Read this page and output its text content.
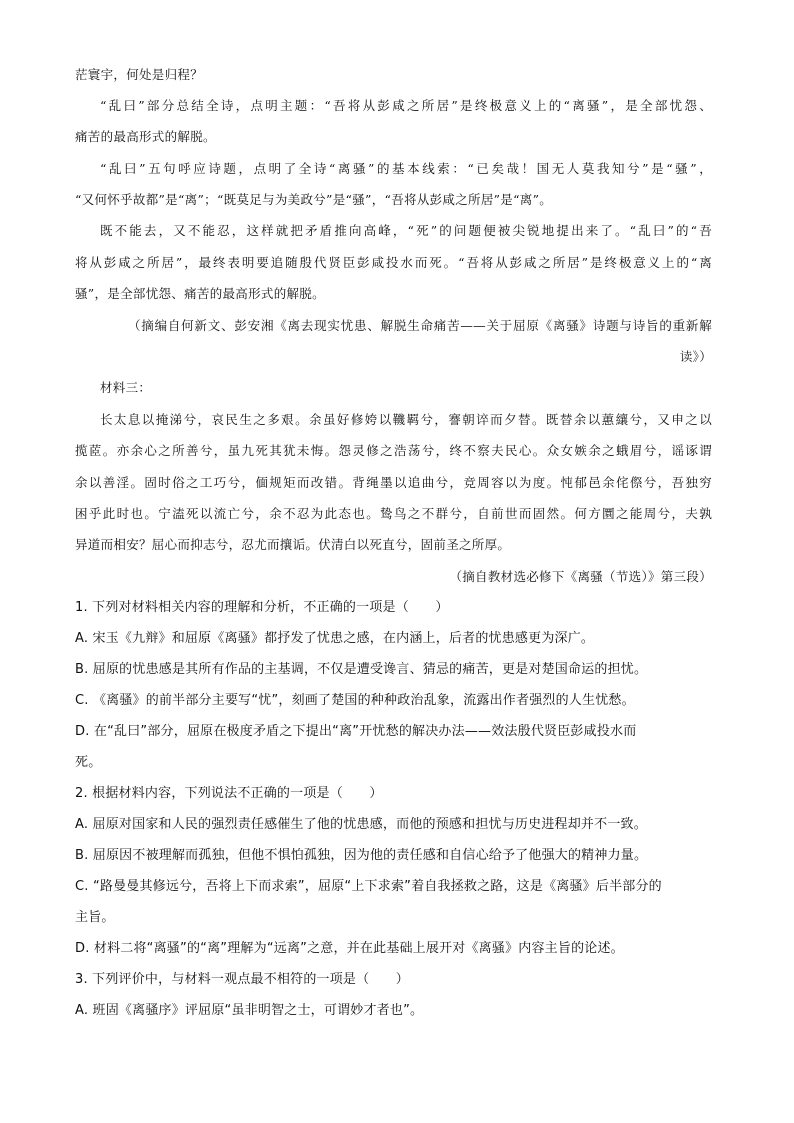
茫寰宇，何处是归程？
“乱曰”部分总结全诗，点明主题：“吾将从彭咸之所居”是终极意义上的“离骚”，是全部忧怨、
痛苦的最高形式的解脱。
“乱曰”五句呼应诗题，点明了全诗“离骚”的基本线索：“已矣哉！国无人莫我知兮”是“骚”，
“又何怀乎故都”是“离”；“既莫足与为美政兮”是“骚”，“吾将从彭咸之所居”是“离”。
既不能去，又不能忍，这样就把矛盾推向高峰，“死”的问题便被尖锐地提出来了。“乱曰”的“吾
将从彭咸之所居”，最终表明要追随殷代贤臣彭咸投水而死。“吾将从彭咸之所居”是终极意义上的“离
骚”，是全部忧怨、痛苦的最高形式的解脱。
（摘编自何新文、彭安湘《离去现实忧患、解脱生命痛苦——关于屈原《离骚》诗题与诗旨的重新解
读》）
材料三：
长太息以掩涕兮，哀民生之多艰。余虽好修姱以鞿羁兮，謇朝谇而夕替。既替余以蕙纕兮，又申之以
揽茝。亦余心之所善兮，虽九死其犹未悔。怨灵修之浩荡兮，终不察夫民心。众女嫉余之蛾眉兮，谣诼谓
余以善淫。固时俗之工巧兮，偭规矩而改错。背绳墨以追曲兮，竞周容以为度。忳郁邑余侘傺兮，吾独穷
困乎此时也。宁溘死以流亡兮，余不忍为此态也。鸷鸟之不群兮，自前世而固然。何方圜之能周兮，夫孰
异道而相安？屈心而抑志兮，忍尤而攘诟。伏清白以死直兮，固前圣之所厚。
（摘自教材选必修下《离骚（节选）》第三段）
1. 下列对材料相关内容的理解和分析，不正确的一项是（　　）
A. 宋玉《九辩》和屈原《离骚》都抒发了忧患之感，在内涵上，后者的忧患感更为深广。
B. 屈原的忧患感是其所有作品的主基调，不仅是遭受谗言、猜忌的痛苦，更是对楚国命运的担忧。
C. 《离骚》的前半部分主要写“忧”，刻画了楚国的种种政治乱象，流露出作者强烈的人生忧愁。
D. 在“乱曰”部分，屈原在极度矛盾之下提出“离”开忧愁的解决办法——效法殷代贤臣彭咸投水而
死。
2. 根据材料内容，下列说法不正确的一项是（　　）
A. 屈原对国家和人民的强烈责任感催生了他的忧患感，而他的预感和担忧与历史进程却并不一致。
B. 屈原因不被理解而孤独，但他不惧怕孤独，因为他的责任感和自信心给予了他强大的精神力量。
C. “路曼曼其修远兮，吾将上下而求索”，屈原“上下求索”着自我拯救之路，这是《离骚》后半部分的
主旨。
D. 材料二将“离骚”的“离”理解为“远离”之意，并在此基础上展开对《离骚》内容主旨的论述。
3. 下列评价中，与材料一观点最不相符的一项是（　　）
A. 班固《离骚序》评屈原“虽非明智之士，可谓妙才者也”。
